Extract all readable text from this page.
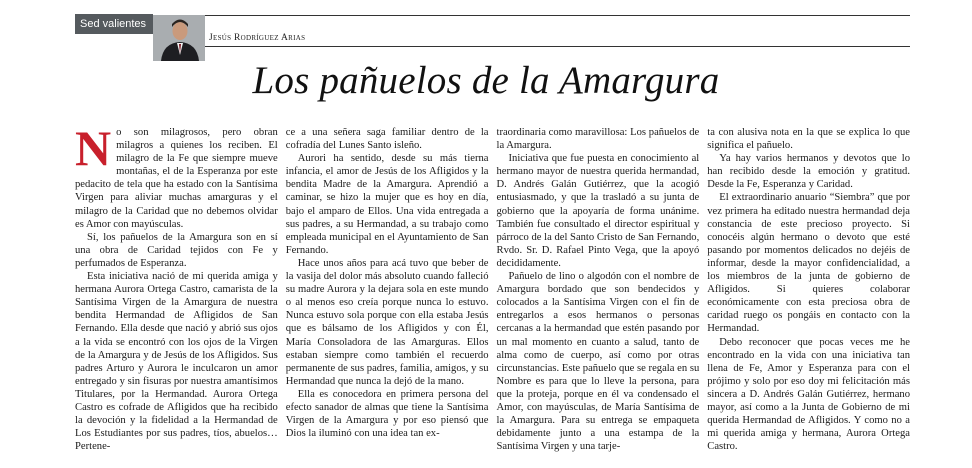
Sed valientes
Jesús Rodríguez Arias
Los pañuelos de la Amargura

No son milagrosos, pero obran milagros a quienes los reciben. El milagro de la Fe que siempre mueve montañas, el de la Esperanza por este pedacito de tela que ha estado con la Santísima Virgen para aliviar muchas amarguras y el milagro de la Caridad que no debemos olvidar es Amor con mayúsculas.

Sí, los pañuelos de la Amargura son en sí una obra de Caridad tejidos con Fe y perfumados de Esperanza.

Esta iniciativa nació de mi querida amiga y hermana Aurora Ortega Castro, camarista de la Santísima Virgen de la Amargura de nuestra bendita Hermandad de Afligidos de San Fernando. Ella desde que nació y abrió sus ojos a la vida se encontró con los ojos de la Virgen de la Amargura y de Jesús de los Afligidos. Sus padres Arturo y Aurora le inculcaron un amor entregado y sin fisuras por nuestra amantísimos Titulares, por la Hermandad. Aurora Ortega Castro es cofrade de Afligidos que ha recibido la devoción y la fidelidad a la Hermandad de Los Estudiantes por sus padres, tíos, abuelos… Pertene-

ce a una señera saga familiar dentro de la cofradía del Lunes Santo isleño.

Aurori ha sentido, desde su más tierna infancia, el amor de Jesús de los Afligidos y la bendita Madre de la Amargura. Aprendió a caminar, se hizo la mujer que es hoy en día, bajo el amparo de Ellos. Una vida entregada a sus padres, a su Hermandad, a su trabajo como empleada municipal en el Ayuntamiento de San Fernando.

Hace unos años para acá tuvo que beber de la vasija del dolor más absoluto cuando falleció su madre Aurora y la dejara sola en este mundo o al menos eso creía porque nunca lo estuvo. Nunca estuvo sola porque con ella estaba Jesús que es bálsamo de los Afligidos y con Él, María Consoladora de las Amarguras. Ellos estaban siempre como también el recuerdo permanente de sus padres, familia, amigos, y su Hermandad que nunca la dejó de la mano.

Ella es conocedora en primera persona del efecto sanador de almas que tiene la Santísima Virgen de la Amargura y por eso piensó que Dios la iluminó con una idea tan ex-

traordinaria como maravillosa: Los pañuelos de la Amargura.

Iniciativa que fue puesta en conocimiento al hermano mayor de nuestra querida hermandad, D. Andrés Galán Gutiérrez, que la acogió entusiasmado, y que la trasladó a su junta de gobierno que la apoyaría de forma unánime. También fue consultado el director espiritual y párroco de la del Santo Cristo de San Fernando, Rvdo. Sr. D. Rafael Pinto Vega, que la apoyó decididamente.

Pañuelo de lino o algodón con el nombre de Amargura bordado que son bendecidos y colocados a la Santísima Virgen con el fin de entregarlos a esos hermanos o personas cercanas a la hermandad que estén pasando por un mal momento en cuanto a salud, tanto de alma como de cuerpo, así como por otras circunstancias. Este pañuelo que se regala en su Nombre es para que lo lleve la persona, para que la proteja, porque en él va condensado el Amor, con mayúsculas, de María Santísima de la Amargura. Para su entrega se empaqueta debidamente junto a una estampa de la Santísima Virgen y una tarje-

ta con alusiva nota en la que se explica lo que significa el pañuelo.

Ya hay varios hermanos y devotos que lo han recibido desde la emoción y gratitud. Desde la Fe, Esperanza y Caridad.

El extraordinario anuario “Siembra” que por vez primera ha editado nuestra hermandad deja constancia de este precioso proyecto. Si conocéis algún hermano o devoto que esté pasando por momentos delicados no dejéis de informar, desde la mayor confidencialidad, a los miembros de la junta de gobierno de Afligidos. Si quieres colaborar económicamente con esta preciosa obra de caridad ruego os pongáis en contacto con la Hermandad.

Debo reconocer que pocas veces me he encontrado en la vida con una iniciativa tan llena de Fe, Amor y Esperanza para con el prójimo y solo por eso doy mi felicitación más sincera a D. Andrés Galán Gutiérrez, hermano mayor, así como a la Junta de Gobierno de mi querida Hermandad de Afligidos. Y como no a mi querida amiga y hermana, Aurora Ortega Castro.
